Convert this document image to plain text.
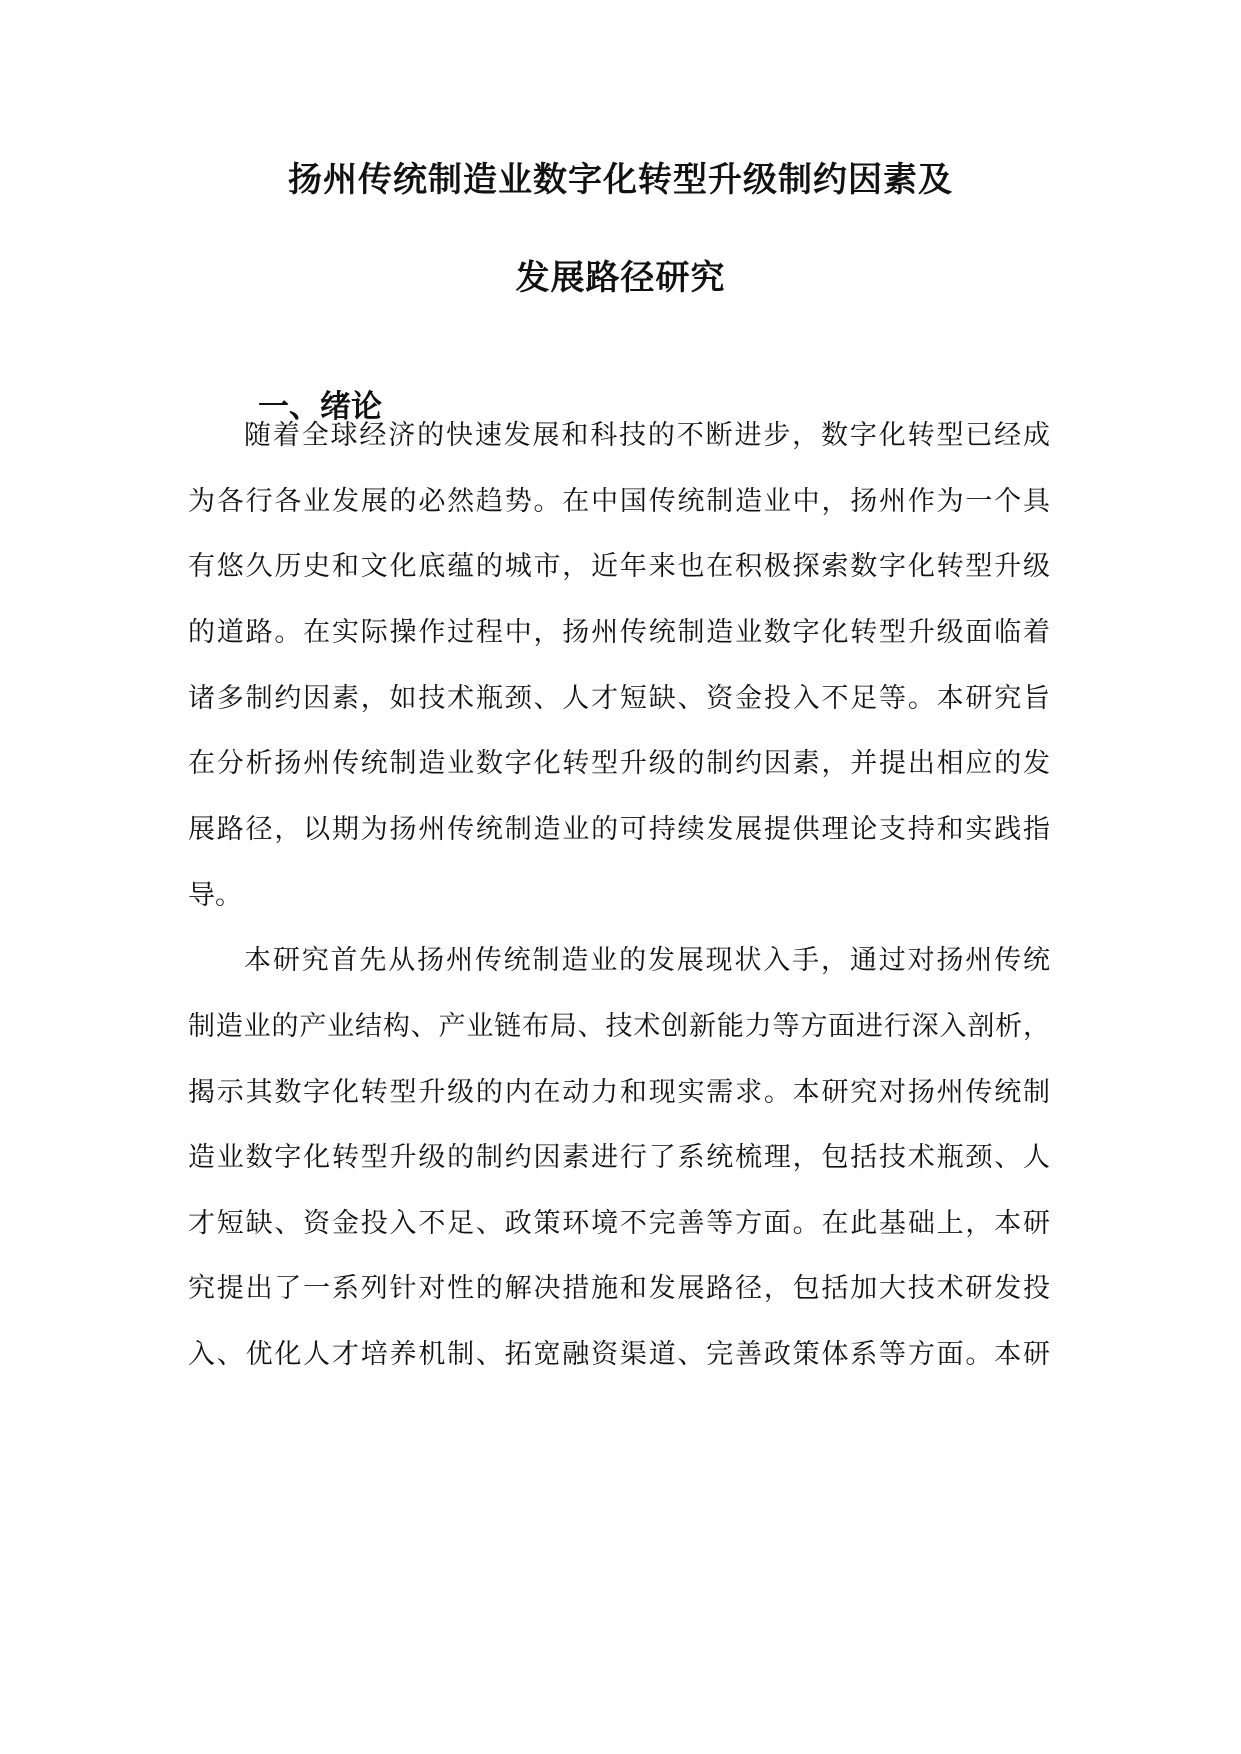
扬州传统制造业数字化转型升级制约因素及
发展路径研究
一、绪论
随着全球经济的快速发展和科技的不断进步，数字化转型已经成
为各行各业发展的必然趋势。在中国传统制造业中，扬州作为一个具
有悠久历史和文化底蕴的城市，近年来也在积极探索数字化转型升级
的道路。在实际操作过程中，扬州传统制造业数字化转型升级面临着
诸多制约因素，如技术瓶颈、人才短缺、资金投入不足等。本研究旨
在分析扬州传统制造业数字化转型升级的制约因素，并提出相应的发
展路径，以期为扬州传统制造业的可持续发展提供理论支持和实践指
导。
本研究首先从扬州传统制造业的发展现状入手，通过对扬州传统
制造业的产业结构、产业链布局、技术创新能力等方面进行深入剖析，
揭示其数字化转型升级的内在动力和现实需求。本研究对扬州传统制
造业数字化转型升级的制约因素进行了系统梳理，包括技术瓶颈、人
才短缺、资金投入不足、政策环境不完善等方面。在此基础上，本研
究提出了一系列针对性的解决措施和发展路径，包括加大技术研发投
入、优化人才培养机制、拓宽融资渠道、完善政策体系等方面。本研
